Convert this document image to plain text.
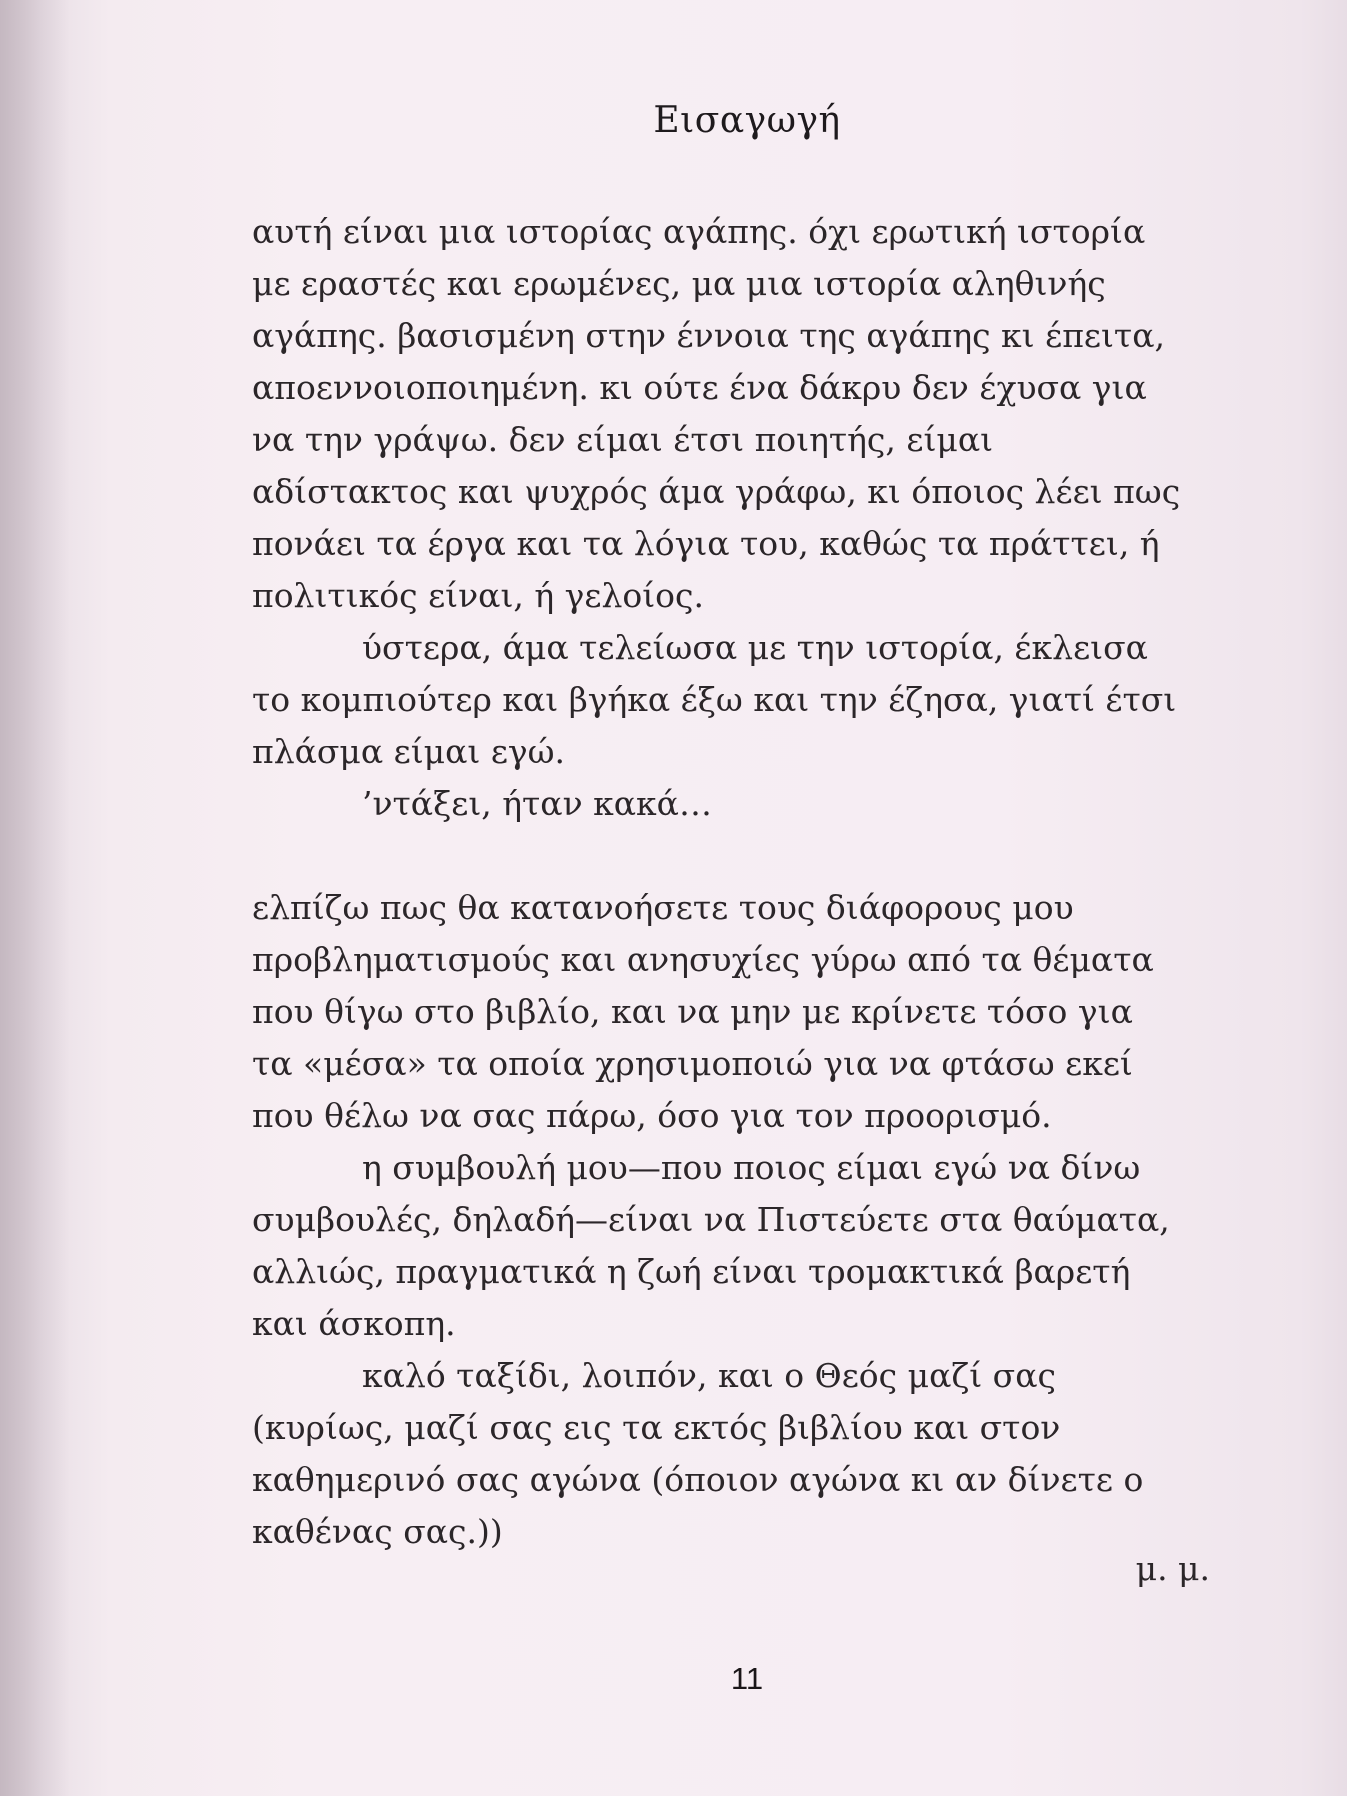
Εισαγωγή
αυτή είναι μια ιστορίας αγάπης. όχι ερωτική ιστορία
με εραστές και ερωμένες, μα μια ιστορία αληθινής
αγάπης. βασισμένη στην έννοια της αγάπης κι έπειτα,
αποεννοιοποιημένη. κι ούτε ένα δάκρυ δεν έχυσα για
να την γράψω. δεν είμαι έτσι ποιητής, είμαι
αδίστακτος και ψυχρός άμα γράφω, κι όποιος λέει πως
πονάει τα έργα και τα λόγια του, καθώς τα πράττει, ή
πολιτικός είναι, ή γελοίος.
ύστερα, άμα τελείωσα με την ιστορία, έκλεισα
το κομπιούτερ και βγήκα έξω και την έζησα, γιατί έτσι
πλάσμα είμαι εγώ.
’ντάξει, ήταν κακά…
ελπίζω πως θα κατανοήσετε τους διάφορους μου
προβληματισμούς και ανησυχίες γύρω από τα θέματα
που θίγω στο βιβλίο, και να μην με κρίνετε τόσο για
τα «μέσα» τα οποία χρησιμοποιώ για να φτάσω εκεί
που θέλω να σας πάρω, όσο για τον προορισμό.
η συμβουλή μου—που ποιος είμαι εγώ να δίνω
συμβουλές, δηλαδή—είναι να Πιστεύετε στα θαύματα,
αλλιώς, πραγματικά η ζωή είναι τρομακτικά βαρετή
και άσκοπη.
καλό ταξίδι, λοιπόν, και ο Θεός μαζί σας
(κυρίως, μαζί σας εις τα εκτός βιβλίου και στον
καθημερινό σας αγώνα (όποιον αγώνα κι αν δίνετε ο
καθένας σας.))
μ. μ.
11
